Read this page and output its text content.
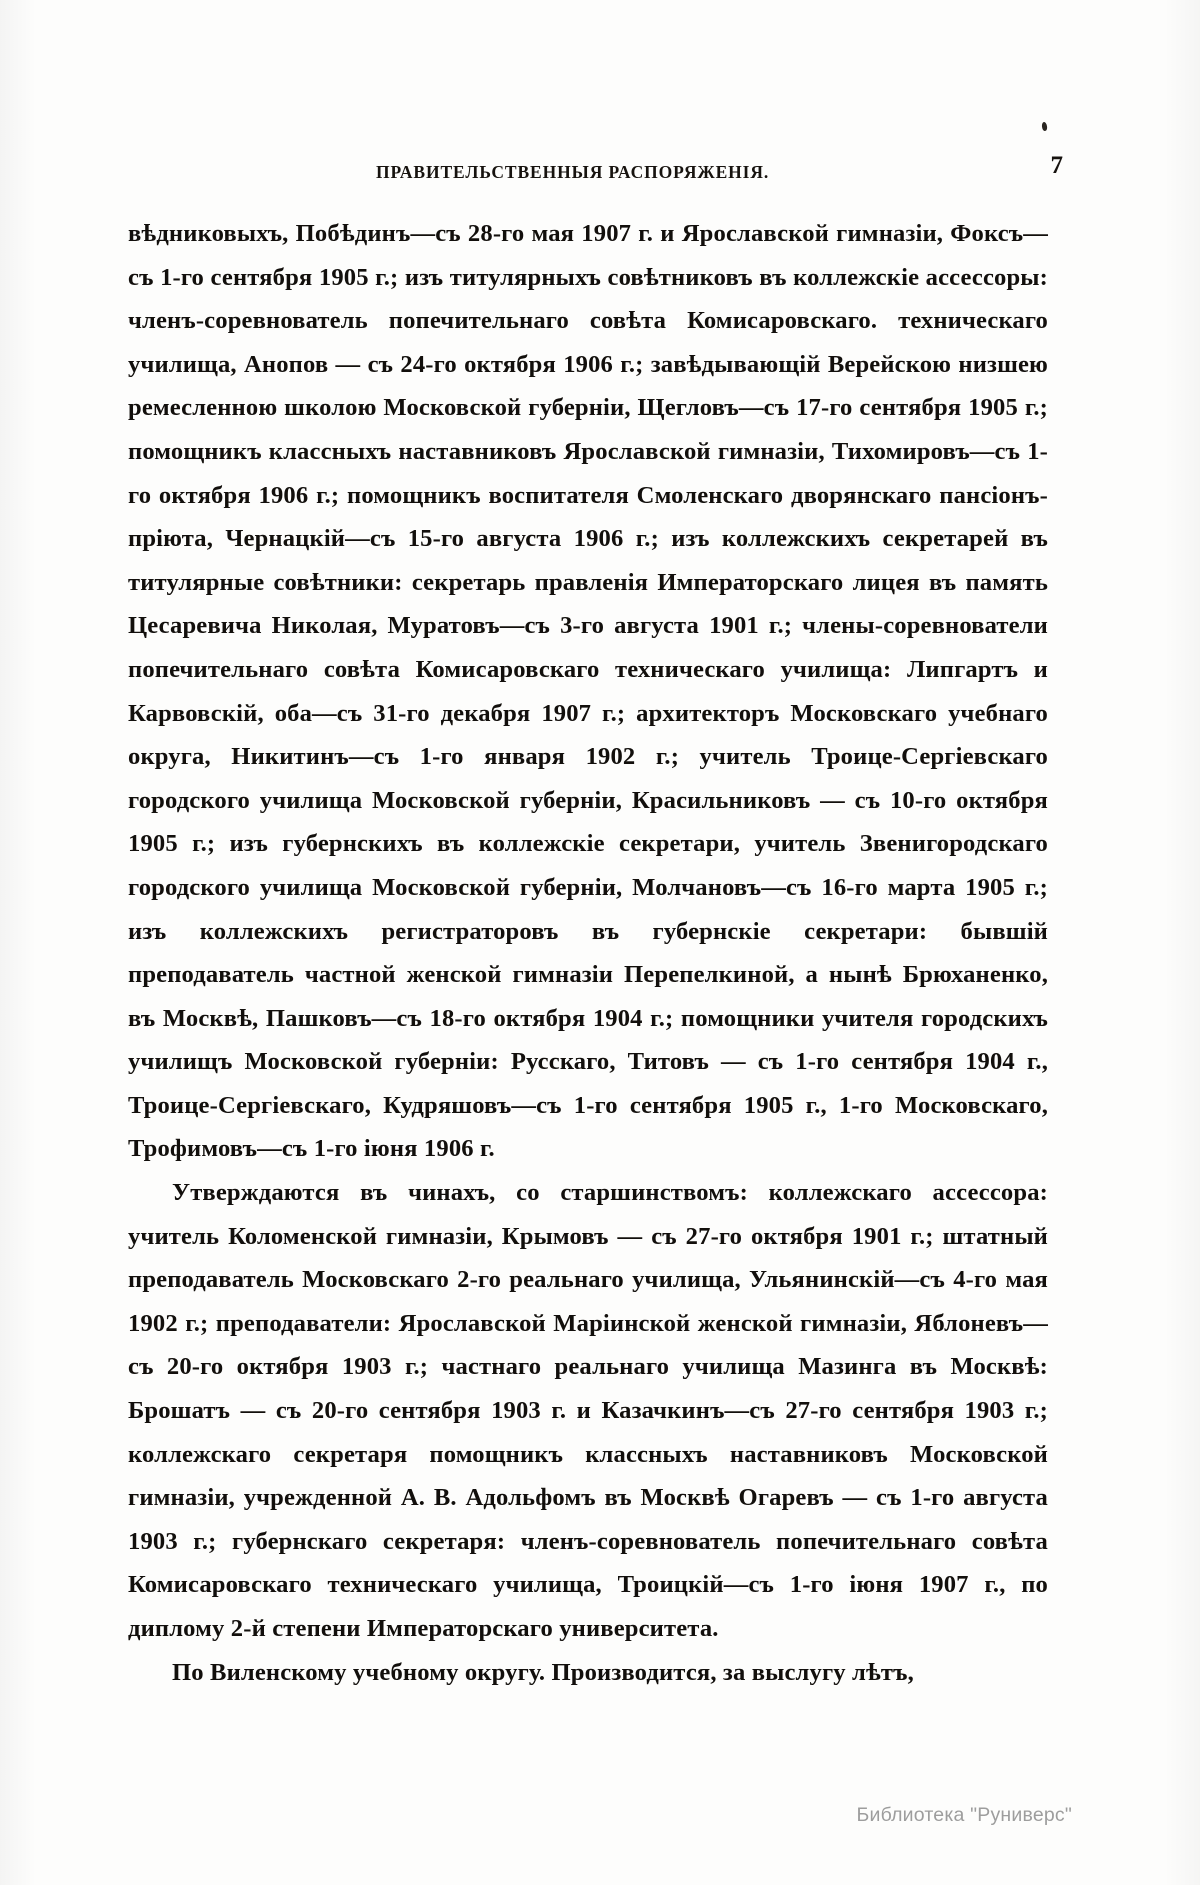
ПРАВИТЕЛЬСТВЕННЫЯ РАСПОРЯЖЕНІЯ.	7

вѣдниковыхъ, Побѣдинъ—съ 28-го мая 1907 г. и Ярославской гимназіи, Фоксъ—съ 1-го сентября 1905 г.; изъ титулярныхъ совѣтниковъ въ коллежскіе ассессоры: членъ-соревнователь попечительнаго совѣта Комисаровскаго. техническаго училища, Анопов — съ 24-го октября 1906 г.; завѣдывающій Верейскою низшею ремесленною школою Московской губерніи, Щегловъ—съ 17-го сентября 1905 г.; помощникъ классныхъ наставниковъ Ярославской гимназіи, Тихомировъ—съ 1-го октября 1906 г.; помощникъ воспитателя Смоленскаго дворянскаго пансіонъ-пріюта, Чернацкій—съ 15-го августа 1906 г.; изъ коллежскихъ секретарей въ титулярные совѣтники: секретарь правленія Императорскаго лицея въ память Цесаревича Николая, Муратовъ—съ 3-го августа 1901 г.; члены-соревнователи попечительнаго совѣта Комисаровскаго техническаго училища: Липгартъ и Карвовскій, оба—съ 31-го декабря 1907 г.; архитекторъ Московскаго учебнаго округа, Никитинъ—съ 1-го января 1902 г.; учитель Троице-Сергіевскаго городского училища Московской губерніи, Красильниковъ — съ 10-го октября 1905 г.; изъ губернскихъ въ коллежскіе секретари, учитель Звенигородскаго городского училища Московской губерніи, Молчановъ—съ 16-го марта 1905 г.; изъ коллежскихъ регистраторовъ въ губернскіе секретари: бывшій преподаватель частной женской гимназіи Перепелкиной, а нынѣ Брюханенко, въ Москвѣ, Пашковъ—съ 18-го октября 1904 г.; помощники учителя городскихъ училищъ Московской губерніи: Русскаго, Титовъ — съ 1-го сентября 1904 г., Троице-Сергіевскаго, Кудряшовъ—съ 1-го сентября 1905 г., 1-го Московскаго, Трофимовъ—съ 1-го іюня 1906 г.

Утверждаются въ чинахъ, со старшинствомъ: коллежскаго ассессора: учитель Коломенской гимназіи, Крымовъ — съ 27-го октября 1901 г.; штатный преподаватель Московскаго 2-го реальнаго училища, Ульянинскій—съ 4-го мая 1902 г.; преподаватели: Ярославской Маріинской женской гимназіи, Яблоневъ—съ 20-го октября 1903 г.; частнаго реальнаго училища Мазинга въ Москвѣ: Брошатъ — съ 20-го сентября 1903 г. и Казачкинъ—съ 27-го сентября 1903 г.; коллежскаго секретаря помощникъ классныхъ наставниковъ Московской гимназіи, учрежденной А. В. Адольфомъ въ Москвѣ Огаревъ — съ 1-го августа 1903 г.; губернскаго секретаря: членъ-соревнователь попечительнаго совѣта Комисаровскаго техническаго училища, Троицкій—съ 1-го іюня 1907 г., по диплому 2-й степени Императорскаго университета.

По Виленскому учебному округу. Производится, за выслугу лѣтъ,

Библиотека "Руниверс"
